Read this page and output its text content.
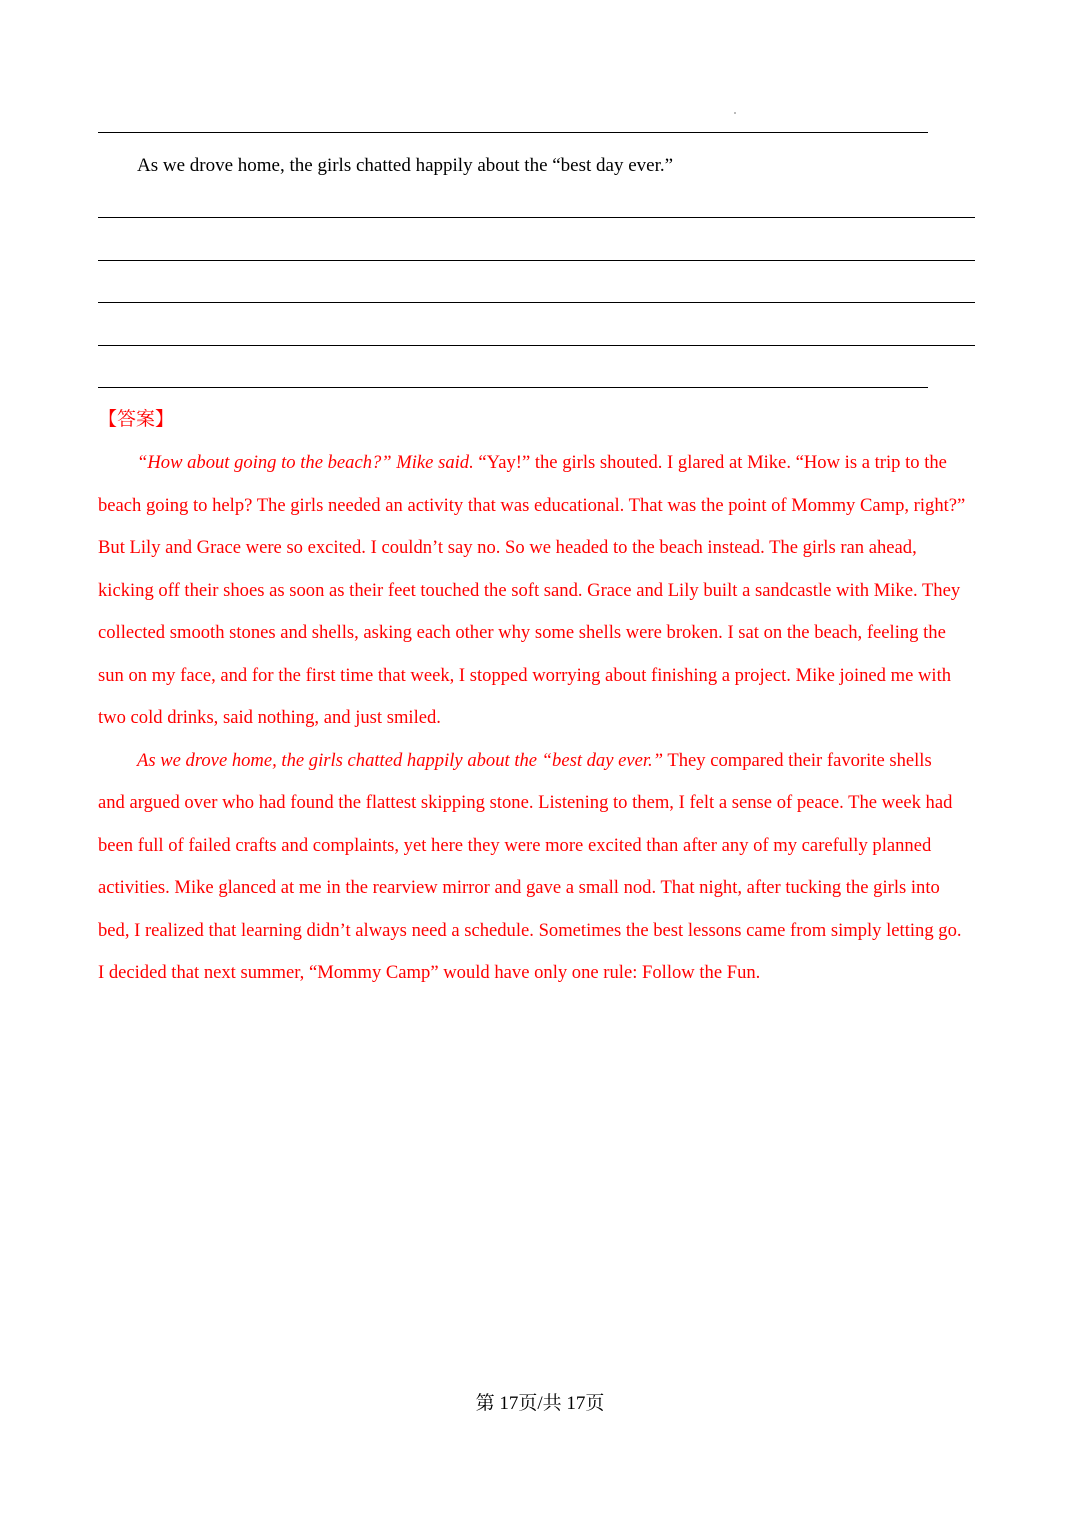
As we drove home, the girls chatted happily about the “best day ever.”
【答案】
“How about going to the beach?” Mike said. “Yay!” the girls shouted. I glared at Mike. “How is a trip to the
beach going to help? The girls needed an activity that was educational. That was the point of Mommy Camp, right?”
But Lily and Grace were so excited. I couldn’t say no. So we headed to the beach instead. The girls ran ahead,
kicking off their shoes as soon as their feet touched the soft sand. Grace and Lily built a sandcastle with Mike. They
collected smooth stones and shells, asking each other why some shells were broken. I sat on the beach, feeling the
sun on my face, and for the first time that week, I stopped worrying about finishing a project. Mike joined me with
two cold drinks, said nothing, and just smiled.
As we drove home, the girls chatted happily about the “best day ever.” They compared their favorite shells
and argued over who had found the flattest skipping stone. Listening to them, I felt a sense of peace. The week had
been full of failed crafts and complaints, yet here they were more excited than after any of my carefully planned
activities. Mike glanced at me in the rearview mirror and gave a small nod. That night, after tucking the girls into
bed, I realized that learning didn’t always need a schedule. Sometimes the best lessons came from simply letting go.
I decided that next summer, “Mommy Camp” would have only one rule: Follow the Fun.
第 17页/共 17页
